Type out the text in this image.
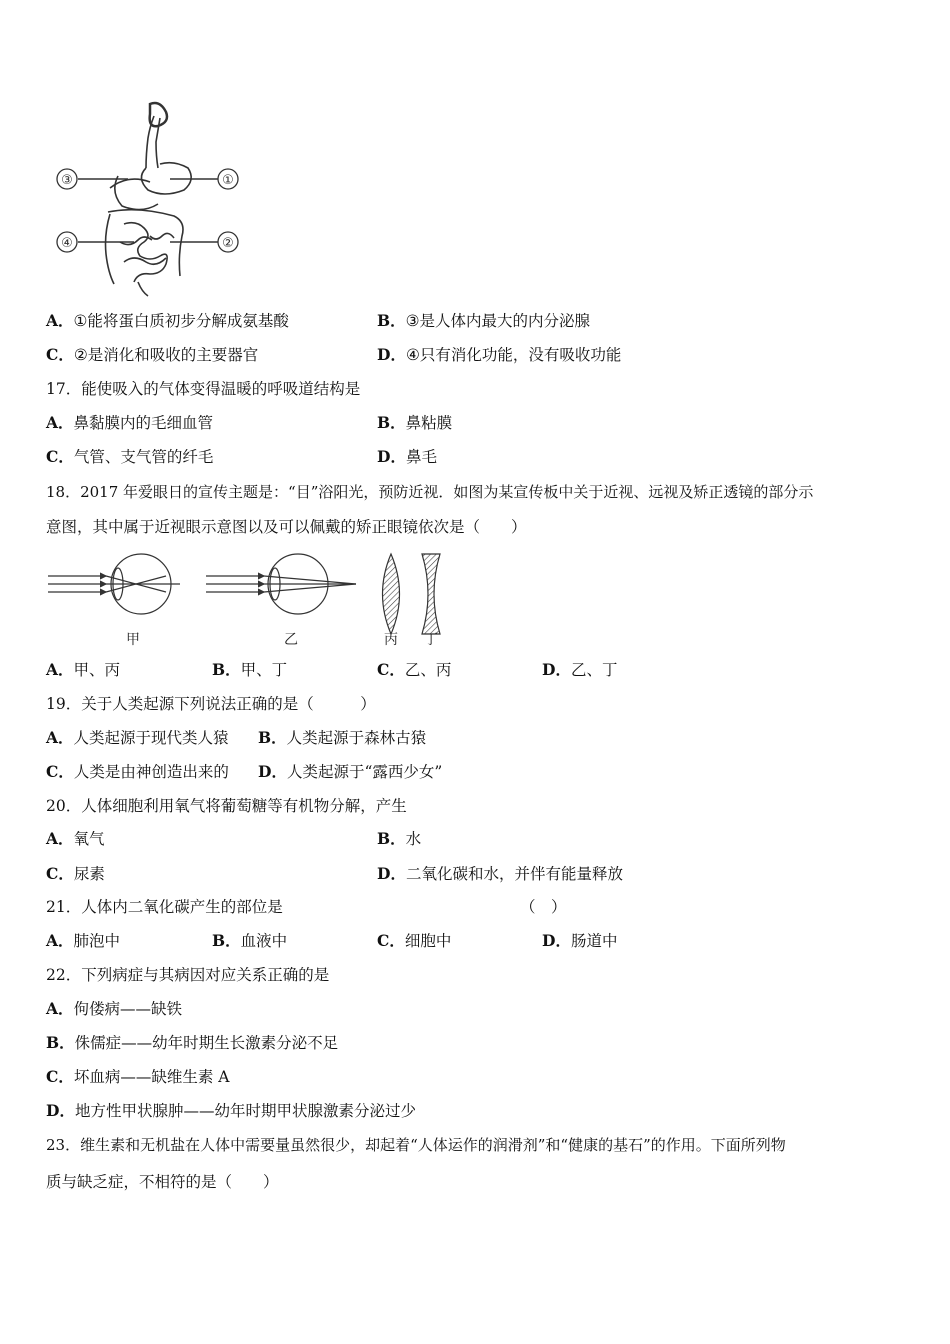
③	①
④	②
A．①能将蛋白质初步分解成氨基酸	B．③是人体内最大的内分泌腺
C．②是消化和吸收的主要器官	D．④只有消化功能，没有吸收功能
17．能使吸入的气体变得温暖的呼吸道结构是
A．鼻黏膜内的毛细血管	B．鼻粘膜
C．气管、支气管的纤毛	D．鼻毛
18．2017 年爱眼日的宣传主题是：“目”浴阳光，预防近视．如图为某宣传板中关于近视、远视及矫正透镜的部分示
意图，其中属于近视眼示意图以及可以佩戴的矫正眼镜依次是（　　）
甲	乙	丙 丁
A．甲、丙	B．甲、丁	C．乙、丙	D．乙、丁
19．关于人类起源下列说法正确的是（　　　）
A．人类起源于现代类人猿 B．人类起源于森林古猿
C．人类是由神创造出来的 D．人类起源于“露西少女”
20．人体细胞利用氧气将葡萄糖等有机物分解，产生
A．氧气	B．水
C．尿素	D．二氧化碳和水，并伴有能量释放
21．人体内二氧化碳产生的部位是	（　）
A．肺泡中	B．血液中	C．细胞中	D．肠道中
22．下列病症与其病因对应关系正确的是
A．佝偻病——缺铁
B．侏儒症——幼年时期生长激素分泌不足
C．坏血病——缺维生素 A
D．地方性甲状腺肿——幼年时期甲状腺激素分泌过少
23．维生素和无机盐在人体中需要量虽然很少，却起着“人体运作的润滑剂”和“健康的基石”的作用。下面所列物
质与缺乏症，不相符的是（　　）
